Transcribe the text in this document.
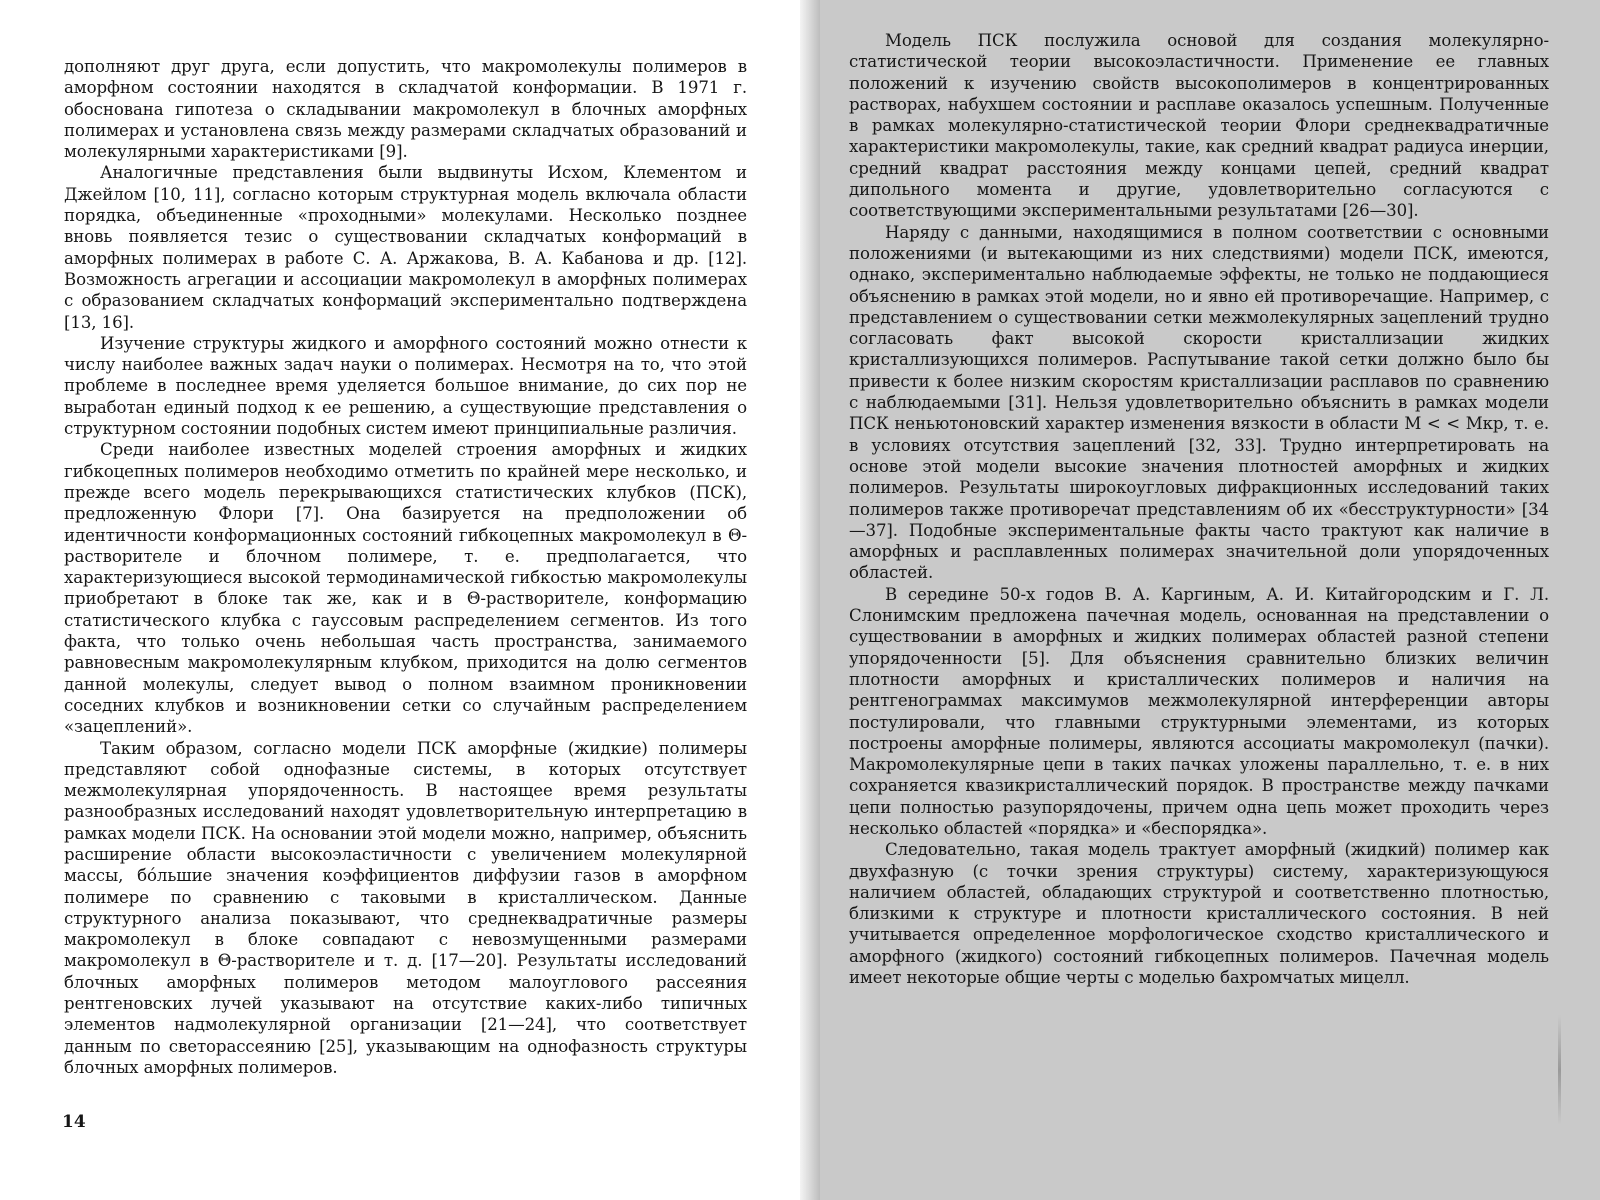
дополняют друг друга, если допустить, что макромолекулы полимеров в аморфном состоянии находятся в складчатой конформации. В 1971 г. обоснована гипотеза о складывании макромолекул в блочных аморфных полимерах и установлена связь между размерами складчатых образований и молекулярными характеристиками [9].

Аналогичные представления были выдвинуты Исхом, Клементом и Джейлом [10, 11], согласно которым структурная модель включала области порядка, объединенные «проходными» молекулами. Несколько позднее вновь появляется тезис о существовании складчатых конформаций в аморфных полимерах в работе С. А. Аржакова, В. А. Кабанова и др. [12]. Возможность агрегации и ассоциации макромолекул в аморфных полимерах с образованием складчатых конформаций экспериментально подтверждена [13, 16].

Изучение структуры жидкого и аморфного состояний можно отнести к числу наиболее важных задач науки о полимерах. Несмотря на то, что этой проблеме в последнее время уделяется большое внимание, до сих пор не выработан единый подход к ее решению, а существующие представления о структурном состоянии подобных систем имеют принципиальные различия.

Среди наиболее известных моделей строения аморфных и жидких гибкоцепных полимеров необходимо отметить по крайней мере несколько, и прежде всего модель перекрывающихся статистических клубков (ПСК), предложенную Флори [7]. Она базируется на предположении об идентичности конформационных состояний гибкоцепных макромолекул в Θ-растворителе и блочном полимере, т. е. предполагается, что характеризующиеся высокой термодинамической гибкостью макромолекулы приобретают в блоке так же, как и в Θ-растворителе, конформацию статистического клубка с гауссовым распределением сегментов. Из того факта, что только очень небольшая часть пространства, занимаемого равновесным макромолекулярным клубком, приходится на долю сегментов данной молекулы, следует вывод о полном взаимном проникновении соседних клубков и возникновении сетки со случайным распределением «зацеплений».

Таким образом, согласно модели ПСК аморфные (жидкие) полимеры представляют собой однофазные системы, в которых отсутствует межмолекулярная упорядоченность. В настоящее время результаты разнообразных исследований находят удовлетворительную интерпретацию в рамках модели ПСК. На основании этой модели можно, например, объяснить расширение области высокоэластичности с увеличением молекулярной массы, бóльшие значения коэффициентов диффузии газов в аморфном полимере по сравнению с таковыми в кристаллическом. Данные структурного анализа показывают, что среднеквадратичные размеры макромолекул в блоке совпадают с невозмущенными размерами макромолекул в Θ-растворителе и т. д. [17—20]. Результаты исследований блочных аморфных полимеров методом малоуглового рассеяния рентгеновских лучей указывают на отсутствие каких-либо типичных элементов надмолекулярной организации [21—24], что соответствует данным по светорассеянию [25], указывающим на однофазность структуры блочных аморфных полимеров.

14

Модель ПСК послужила основой для создания молекулярно-статистической теории высокоэластичности. Применение ее главных положений к изучению свойств высокополимеров в концентрированных растворах, набухшем состоянии и расплаве оказалось успешным. Полученные в рамках молекулярно-статистической теории Флори среднеквадратичные характеристики макромолекулы, такие, как средний квадрат радиуса инерции, средний квадрат расстояния между концами цепей, средний квадрат дипольного момента и другие, удовлетворительно согласуются с соответствующими экспериментальными результатами [26—30].

Наряду с данными, находящимися в полном соответствии с основными положениями (и вытекающими из них следствиями) модели ПСК, имеются, однако, экспериментально наблюдаемые эффекты, не только не поддающиеся объяснению в рамках этой модели, но и явно ей противоречащие. Например, с представлением о существовании сетки межмолекулярных зацеплений трудно согласовать факт высокой скорости кристаллизации жидких кристаллизующихся полимеров. Распутывание такой сетки должно было бы привести к более низким скоростям кристаллизации расплавов по сравнению с наблюдаемыми [31]. Нельзя удовлетворительно объяснить в рамках модели ПСК неньютоновский характер изменения вязкости в области M < < Mкр, т. е. в условиях отсутствия зацеплений [32, 33]. Трудно интерпретировать на основе этой модели высокие значения плотностей аморфных и жидких полимеров. Результаты широкоугловых дифракционных исследований таких полимеров также противоречат представлениям об их «бесструктурности» [34—37]. Подобные экспериментальные факты часто трактуют как наличие в аморфных и расплавленных полимерах значительной доли упорядоченных областей.

В середине 50-х годов В. А. Каргиным, А. И. Китайгородским и Г. Л. Слонимским предложена пачечная модель, основанная на представлении о существовании в аморфных и жидких полимерах областей разной степени упорядоченности [5]. Для объяснения сравнительно близких величин плотности аморфных и кристаллических полимеров и наличия на рентгенограммах максимумов межмолекулярной интерференции авторы постулировали, что главными структурными элементами, из которых построены аморфные полимеры, являются ассоциаты макромолекул (пачки). Макромолекулярные цепи в таких пачках уложены параллельно, т. е. в них сохраняется квазикристаллический порядок. В пространстве между пачками цепи полностью разупорядочены, причем одна цепь может проходить через несколько областей «порядка» и «беспорядка».

Следовательно, такая модель трактует аморфный (жидкий) полимер как двухфазную (с точки зрения структуры) систему, характеризующуюся наличием областей, обладающих структурой и соответственно плотностью, близкими к структуре и плотности кристаллического состояния. В ней учитывается определенное морфологическое сходство кристаллического и аморфного (жидкого) состояний гибкоцепных полимеров. Пачечная модель имеет некоторые общие черты с моделью бахромчатых мицелл.
